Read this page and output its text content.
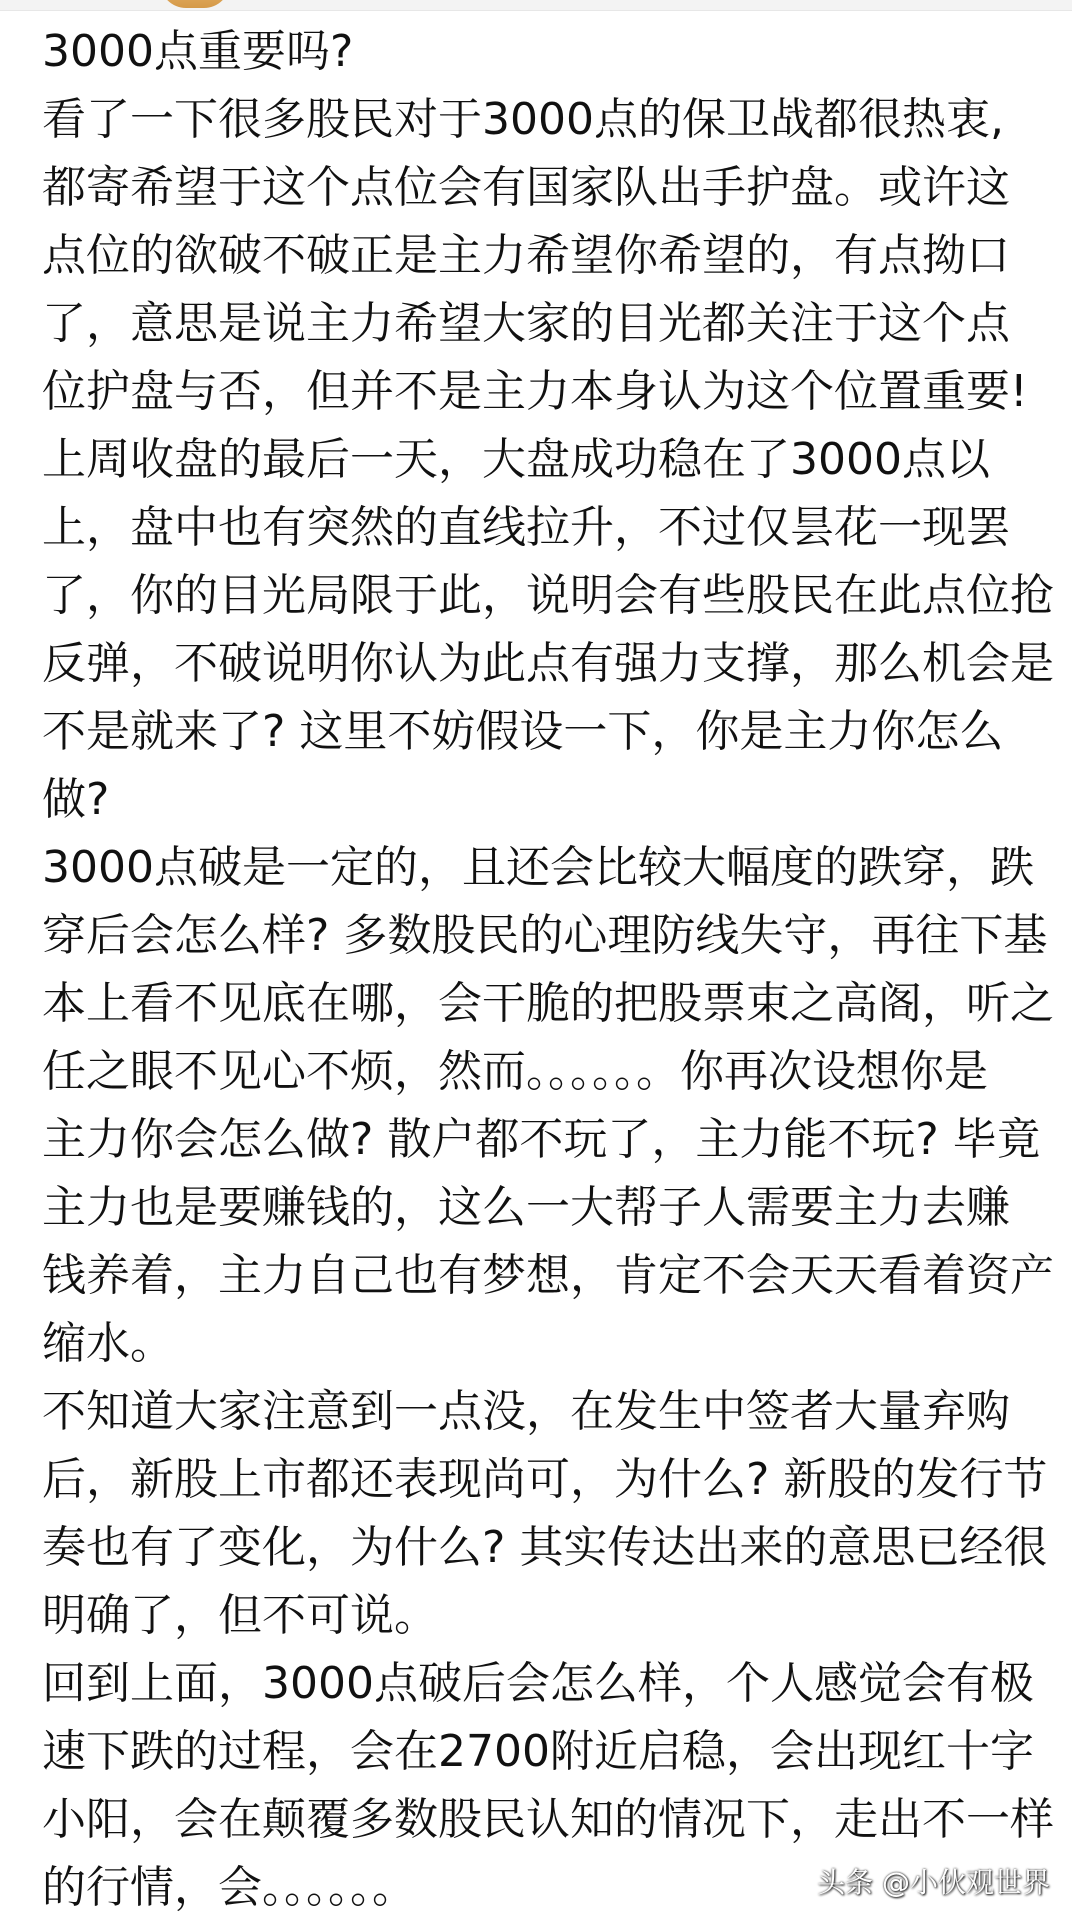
3000点重要吗?
看了一下很多股民对于3000点的保卫战都很热衷,
都寄希望于这个点位会有国家队出手护盘。或许这
点位的欲破不破正是主力希望你希望的，有点拗口
了，意思是说主力希望大家的目光都关注于这个点
位护盘与否，但并不是主力本身认为这个位置重要!
上周收盘的最后一天，大盘成功稳在了3000点以
上，盘中也有突然的直线拉升，不过仅昙花一现罢
了，你的目光局限于此，说明会有些股民在此点位抢
反弹，不破说明你认为此点有强力支撑，那么机会是
不是就来了? 这里不妨假设一下，你是主力你怎么
做?
3000点破是一定的，且还会比较大幅度的跌穿，跌
穿后会怎么样? 多数股民的心理防线失守，再往下基
本上看不见底在哪，会干脆的把股票束之高阁，听之
任之眼不见心不烦，然而。。。。。。你再次设想你是
主力你会怎么做? 散户都不玩了，主力能不玩? 毕竟
主力也是要赚钱的，这么一大帮子人需要主力去赚
钱养着，主力自己也有梦想，肯定不会天天看着资产
缩水。
不知道大家注意到一点没，在发生中签者大量弃购
后，新股上市都还表现尚可，为什么? 新股的发行节
奏也有了变化，为什么? 其实传达出来的意思已经很
明确了，但不可说。
回到上面，3000点破后会怎么样，个人感觉会有极
速下跌的过程，会在2700附近启稳，会出现红十字
小阳，会在颠覆多数股民认知的情况下，走出不一样
的行情，会。。。。。。	头条 @小伙观世界
